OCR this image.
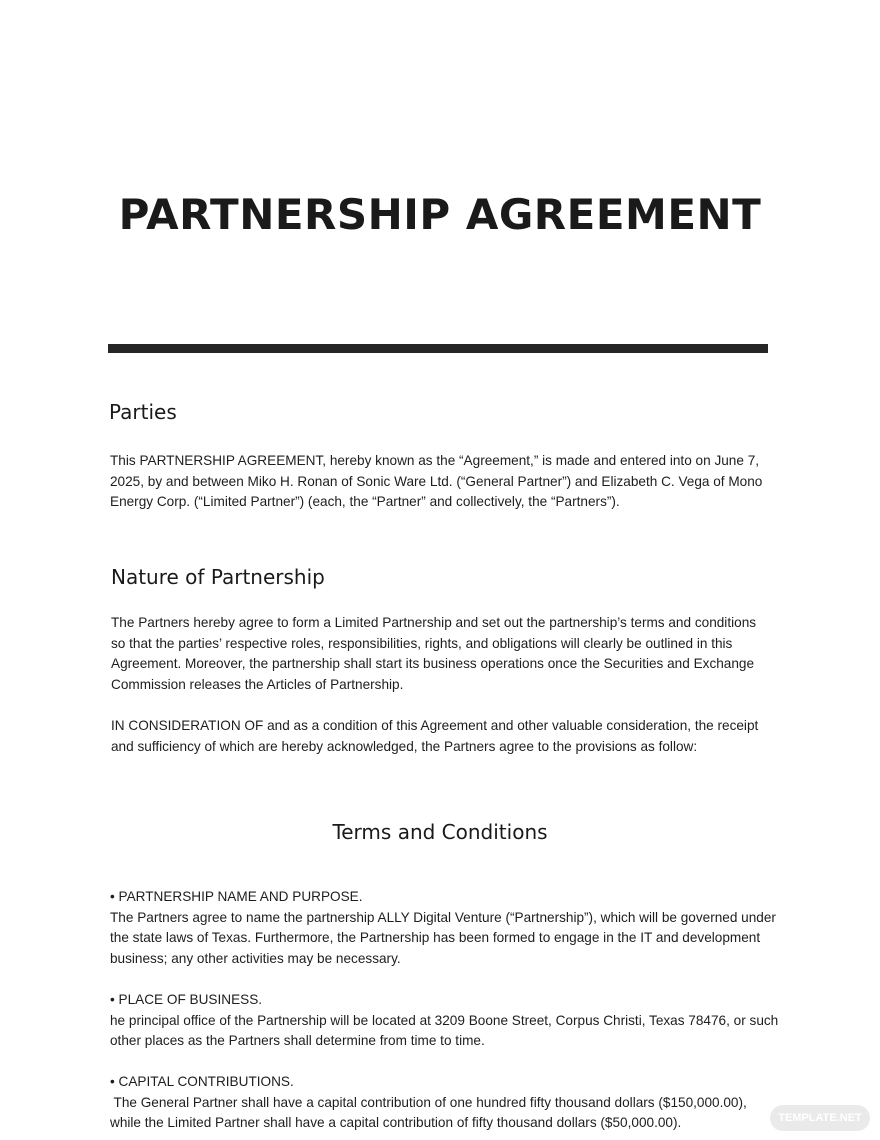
PARTNERSHIP AGREEMENT
Parties
This PARTNERSHIP AGREEMENT, hereby known as the “Agreement,” is made and entered into on June 7,
2025, by and between Miko H. Ronan of Sonic Ware Ltd. (“General Partner”) and Elizabeth C. Vega of Mono
Energy Corp. (“Limited Partner”) (each, the “Partner” and collectively, the “Partners”).
Nature of Partnership
The Partners hereby agree to form a Limited Partnership and set out the partnership’s terms and conditions
so that the parties’ respective roles, responsibilities, rights, and obligations will clearly be outlined in this
Agreement. Moreover, the partnership shall start its business operations once the Securities and Exchange
Commission releases the Articles of Partnership.
IN CONSIDERATION OF and as a condition of this Agreement and other valuable consideration, the receipt
and sufficiency of which are hereby acknowledged, the Partners agree to the provisions as follow:
Terms and Conditions
• PARTNERSHIP NAME AND PURPOSE.
The Partners agree to name the partnership ALLY Digital Venture (“Partnership”), which will be governed under
the state laws of Texas. Furthermore, the Partnership has been formed to engage in the IT and development
business; any other activities may be necessary.
• PLACE OF BUSINESS.
he principal office of the Partnership will be located at 3209 Boone Street, Corpus Christi, Texas 78476, or such
other places as the Partners shall determine from time to time.
• CAPITAL CONTRIBUTIONS.
The General Partner shall have a capital contribution of one hundred fifty thousand dollars ($150,000.00),
while the Limited Partner shall have a capital contribution of fifty thousand dollars ($50,000.00).	TEMPLATE.NET
